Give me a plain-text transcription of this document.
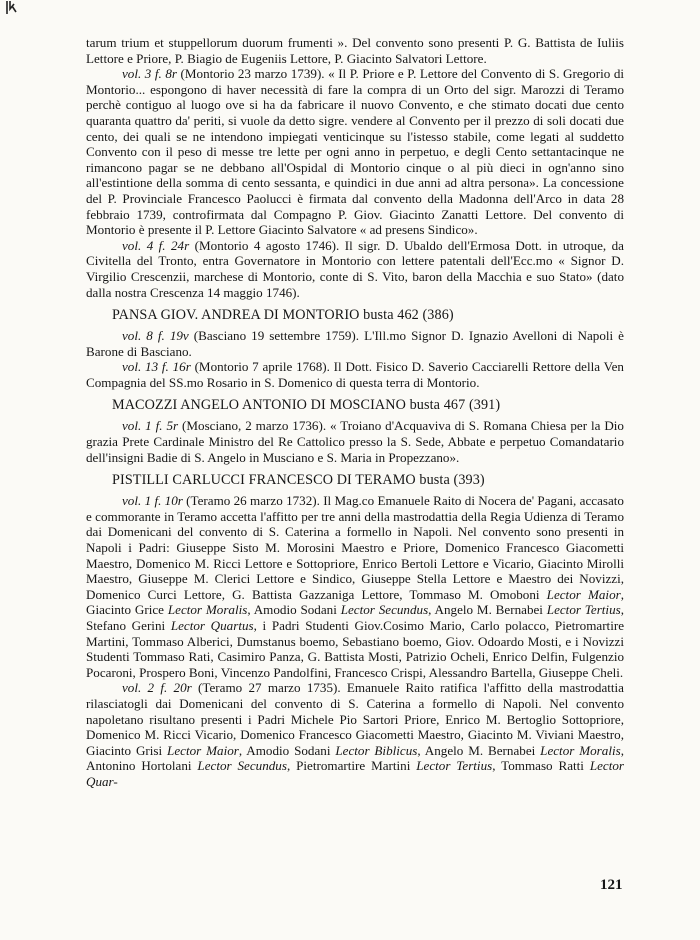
tarum trium et stuppellorum duorum frumenti ». Del convento sono presenti P. G. Battista de Iuliis Lettore e Priore, P. Biagio de Eugeniis Lettore, P. Giacinto Salvatori Lettore.

vol. 3 f. 8r (Montorio 23 marzo 1739). « Il P. Priore e P. Lettore del Convento di S. Gregorio di Montorio... espongono di haver necessità di fare la compra di un Orto del sigr. Marozzi di Teramo perchè contiguo al luogo ove si ha da fabricare il nuovo Convento, e che stimato docati due cento quaranta quattro da' periti, si vuole da detto sigre. vendere al Convento per il prezzo di soli docati due cento, dei quali se ne intendono impiegati venticinque su l'istesso stabile, come legati al suddetto Convento con il peso di messe tre lette per ogni anno in perpetuo, e degli Cento settantacinque ne rimancono pagar se ne debbano all'Ospidal di Montorio cinque o al più dieci in ogn'anno sino all'estintione della somma di cento sessanta, e quindici in due anni ad altra persona». La concessione del P. Provinciale Francesco Paolucci è firmata dal convento della Madonna dell'Arco in data 28 febbraio 1739, controfirmata dal Compagno P. Giov. Giacinto Zanatti Lettore. Del convento di Montorio è presente il P. Lettore Giacinto Salvatore « ad presens Sindico».

vol. 4 f. 24r (Montorio 4 agosto 1746). Il sigr. D. Ubaldo dell'Ermosa Dott. in utroque, da Civitella del Tronto, entra Governatore in Montorio con lettere patentali dell'Ecc.mo « Signor D. Virgilio Crescenzii, marchese di Montorio, conte di S. Vito, baron della Macchia e suo Stato» (dato dalla nostra Crescenza 14 maggio 1746).

PANSA GIOV. ANDREA DI MONTORIO busta 462 (386)

vol. 8 f. 19v (Basciano 19 settembre 1759). L'Ill.mo Signor D. Ignazio Avelloni di Napoli è Barone di Basciano.

vol. 13 f. 16r (Montorio 7 aprile 1768). Il Dott. Fisico D. Saverio Cacciarelli Rettore della Ven Compagnia del SS.mo Rosario in S. Domenico di questa terra di Montorio.

MACOZZI ANGELO ANTONIO DI MOSCIANO busta 467 (391)

vol. 1 f. 5r (Mosciano, 2 marzo 1736). « Troiano d'Acquaviva di S. Romana Chiesa per la Dio grazia Prete Cardinale Ministro del Re Cattolico presso la S. Sede, Abbate e perpetuo Comandatario dell'insigni Badie di S. Angelo in Musciano e S. Maria in Propezzano».

PISTILLI CARLUCCI FRANCESCO DI TERAMO busta (393)

vol. 1 f. 10r (Teramo 26 marzo 1732). Il Mag.co Emanuele Raito di Nocera de' Pagani, accasato e commorante in Teramo accetta l'affitto per tre anni della mastrodattia della Regia Udienza di Teramo dai Domenicani del convento di S. Caterina a formello in Napoli. Nel convento sono presenti in Napoli i Padri: Giuseppe Sisto M. Morosini Maestro e Priore, Domenico Francesco Giacometti Maestro, Domenico M. Ricci Lettore e Sottopriore, Enrico Bertoli Lettore e Vicario, Giacinto Mirolli Maestro, Giuseppe M. Clerici Lettore e Sindico, Giuseppe Stella Lettore e Maestro dei Novizzi, Domenico Curci Lettore, G. Battista Gazzaniga Lettore, Tommaso M. Omoboni Lector Maior, Giacinto Grice Lector Moralis, Amodio Sodani Lector Secundus, Angelo M. Bernabei Lector Tertius, Stefano Gerini Lector Quartus, i Padri Studenti Giov.Cosimo Mario, Carlo polacco, Pietromartire Martini, Tommaso Alberici, Dumstanus boemo, Sebastiano boemo, Giov. Odoardo Mosti, e i Novizzi Studenti Tommaso Rati, Casimiro Panza, G. Battista Mosti, Patrizio Ocheli, Enrico Delfin, Fulgenzio Pocaroni, Prospero Boni, Vincenzo Pandolfini, Francesco Crispi, Alessandro Bartella, Giuseppe Cheli.

vol. 2 f. 20r (Teramo 27 marzo 1735). Emanuele Raito ratifica l'affitto della mastrodattia rilasciatogli dai Domenicani del convento di S. Caterina a formello di Napoli. Nel convento napoletano risultano presenti i Padri Michele Pio Sartori Priore, Enrico M. Bertoglio Sottopriore, Domenico M. Ricci Vicario, Domenico Francesco Giacometti Maestro, Giacinto M. Viviani Maestro, Giacinto Grisi Lector Maior, Amodio Sodani Lector Biblicus, Angelo M. Bernabei Lector Moralis, Antonino Hortolani Lector Secundus, Pietromartire Martini Lector Tertius, Tommaso Ratti Lector Quar-

121
